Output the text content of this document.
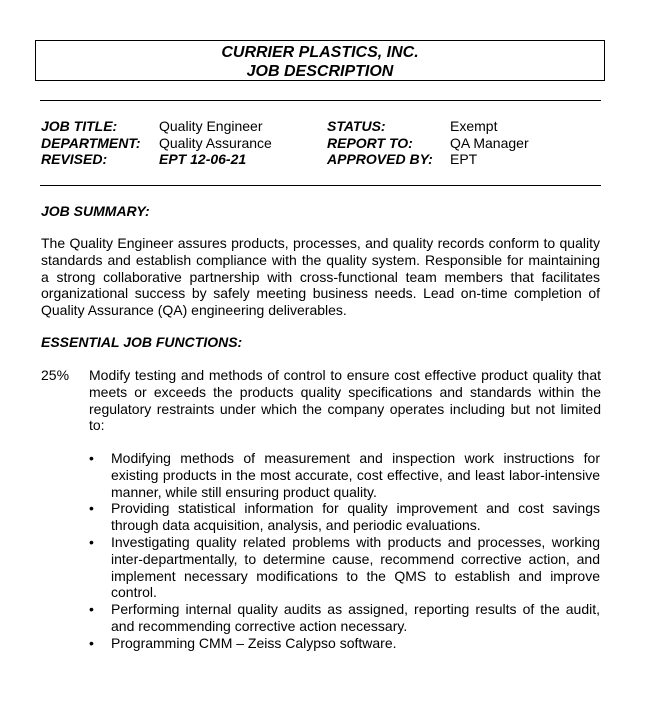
CURRIER PLASTICS, INC.
JOB DESCRIPTION
JOB TITLE:	Quality Engineer	STATUS:	Exempt
DEPARTMENT: Quality Assurance	REPORT TO:	QA Manager
REVISED:	EPT 12-06-21	APPROVED BY: EPT
JOB SUMMARY:
The Quality Engineer assures products, processes, and quality records conform to quality standards and establish compliance with the quality system. Responsible for maintaining a strong collaborative partnership with cross-functional team members that facilitates organizational success by safely meeting business needs. Lead on-time completion of Quality Assurance (QA) engineering deliverables.
ESSENTIAL JOB FUNCTIONS:
25% Modify testing and methods of control to ensure cost effective product quality that meets or exceeds the products quality specifications and standards within the regulatory restraints under which the company operates including but not limited to:
• Modifying methods of measurement and inspection work instructions for existing products in the most accurate, cost effective, and least labor-intensive manner, while still ensuring product quality.
• Providing statistical information for quality improvement and cost savings through data acquisition, analysis, and periodic evaluations.
• Investigating quality related problems with products and processes, working inter-departmentally, to determine cause, recommend corrective action, and implement necessary modifications to the QMS to establish and improve control.
• Performing internal quality audits as assigned, reporting results of the audit, and recommending corrective action necessary.
• Programming CMM – Zeiss Calypso software.
